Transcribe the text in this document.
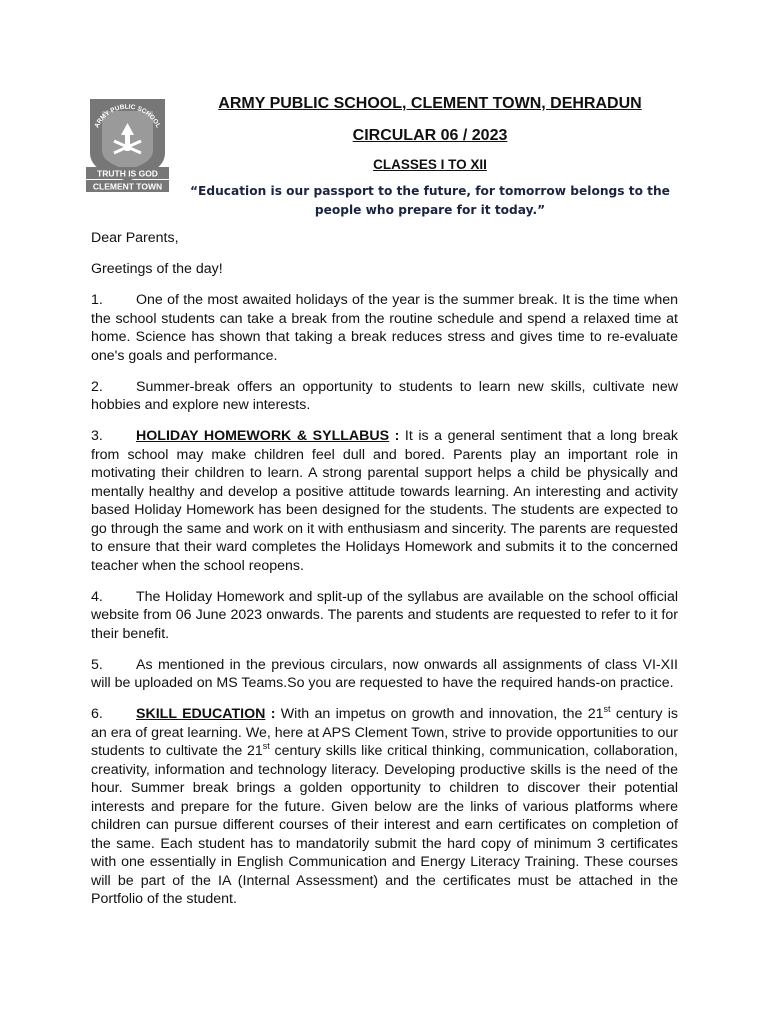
ARMY PUBLIC SCHOOL
TRUTH IS GOD
CLEMENT TOWN
ARMY PUBLIC SCHOOL, CLEMENT TOWN, DEHRADUN
CIRCULAR 06 / 2023
CLASSES I TO XII
“Education is our passport to the future, for tomorrow belongs to the people who prepare for it today.”

Dear Parents,

Greetings of the day!

1. One of the most awaited holidays of the year is the summer break. It is the time when the school students can take a break from the routine schedule and spend a relaxed time at home. Science has shown that taking a break reduces stress and gives time to re-evaluate one's goals and performance.

2. Summer-break offers an opportunity to students to learn new skills, cultivate new hobbies and explore new interests.

3. HOLIDAY HOMEWORK & SYLLABUS : It is a general sentiment that a long break from school may make children feel dull and bored. Parents play an important role in motivating their children to learn. A strong parental support helps a child be physically and mentally healthy and develop a positive attitude towards learning. An interesting and activity based Holiday Homework has been designed for the students. The students are expected to go through the same and work on it with enthusiasm and sincerity. The parents are requested to ensure that their ward completes the Holidays Homework and submits it to the concerned teacher when the school reopens.

4. The Holiday Homework and split-up of the syllabus are available on the school official website from 06 June 2023 onwards. The parents and students are requested to refer to it for their benefit.

5. As mentioned in the previous circulars, now onwards all assignments of class VI-XII will be uploaded on MS Teams.So you are requested to have the required hands-on practice.

6. SKILL EDUCATION : With an impetus on growth and innovation, the 21st century is an era of great learning. We, here at APS Clement Town, strive to provide opportunities to our students to cultivate the 21st century skills like critical thinking, communication, collaboration, creativity, information and technology literacy. Developing productive skills is the need of the hour. Summer break brings a golden opportunity to children to discover their potential interests and prepare for the future. Given below are the links of various platforms where children can pursue different courses of their interest and earn certificates on completion of the same. Each student has to mandatorily submit the hard copy of minimum 3 certificates with one essentially in English Communication and Energy Literacy Training. These courses will be part of the IA (Internal Assessment) and the certificates must be attached in the Portfolio of the student.
